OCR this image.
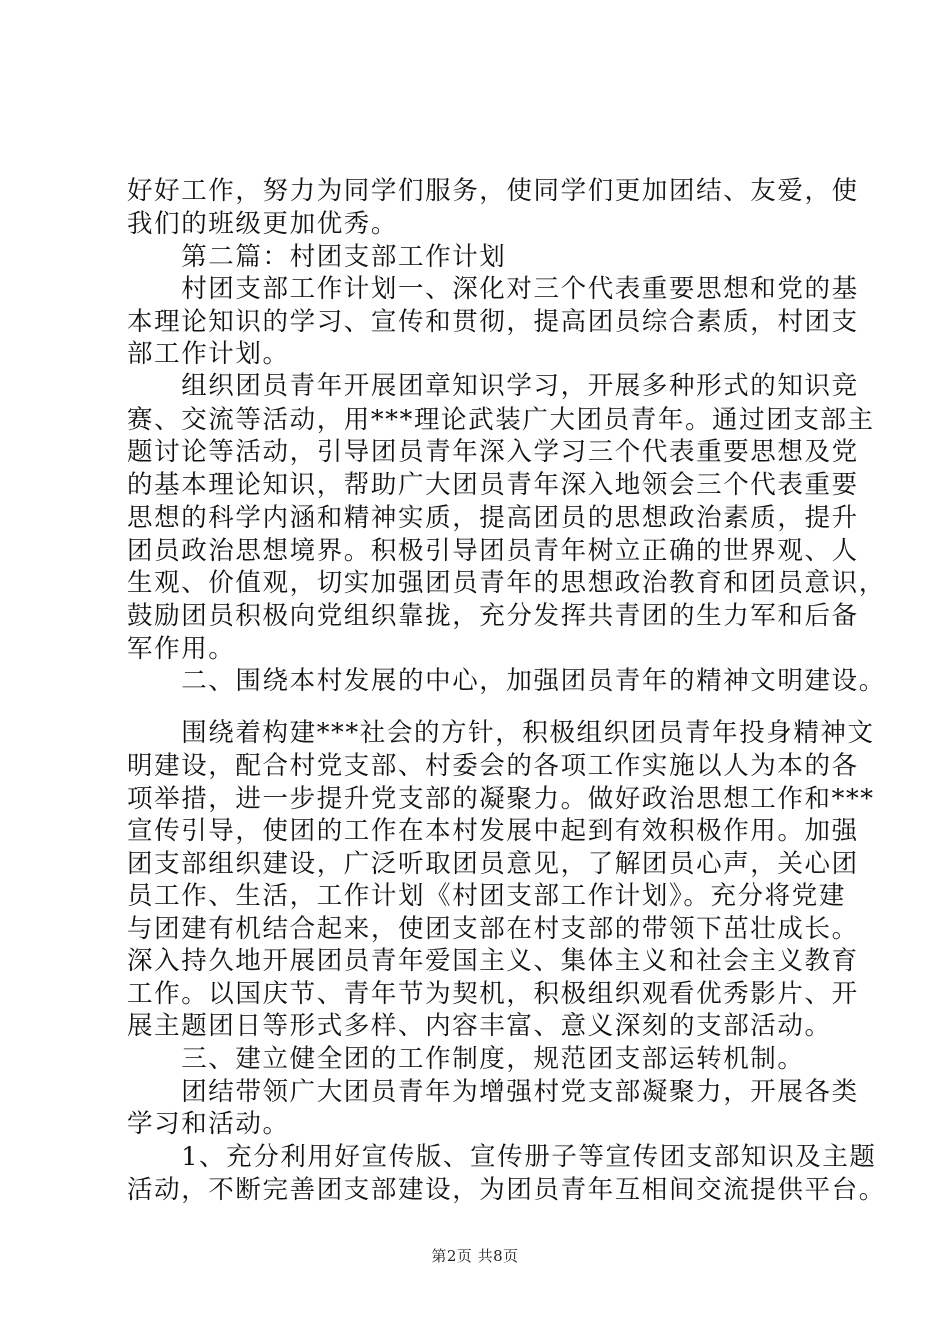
好好工作，努力为同学们服务，使同学们更加团结、友爱，使
我们的班级更加优秀。
　　第二篇：村团支部工作计划
　　村团支部工作计划一、深化对三个代表重要思想和党的基
本理论知识的学习、宣传和贯彻，提高团员综合素质，村团支
部工作计划。
　　组织团员青年开展团章知识学习，开展多种形式的知识竞
赛、交流等活动，用***理论武装广大团员青年。通过团支部主
题讨论等活动，引导团员青年深入学习三个代表重要思想及党
的基本理论知识，帮助广大团员青年深入地领会三个代表重要
思想的科学内涵和精神实质，提高团员的思想政治素质，提升
团员政治思想境界。积极引导团员青年树立正确的世界观、人
生观、价值观，切实加强团员青年的思想政治教育和团员意识，
鼓励团员积极向党组织靠拢，充分发挥共青团的生力军和后备
军作用。
　　二、围绕本村发展的中心，加强团员青年的精神文明建设。
　　围绕着构建***社会的方针，积极组织团员青年投身精神文
明建设，配合村党支部、村委会的各项工作实施以人为本的各
项举措，进一步提升党支部的凝聚力。做好政治思想工作和***
宣传引导，使团的工作在本村发展中起到有效积极作用。加强
团支部组织建设，广泛听取团员意见，了解团员心声，关心团
员工作、生活，工作计划《村团支部工作计划》。充分将党建
与团建有机结合起来，使团支部在村支部的带领下茁壮成长。
深入持久地开展团员青年爱国主义、集体主义和社会主义教育
工作。以国庆节、青年节为契机，积极组织观看优秀影片、开
展主题团日等形式多样、内容丰富、意义深刻的支部活动。
　　三、建立健全团的工作制度，规范团支部运转机制。
　　团结带领广大团员青年为增强村党支部凝聚力，开展各类
学习和活动。
　　1、充分利用好宣传版、宣传册子等宣传团支部知识及主题
活动，不断完善团支部建设，为团员青年互相间交流提供平台。
第2页 共8页
